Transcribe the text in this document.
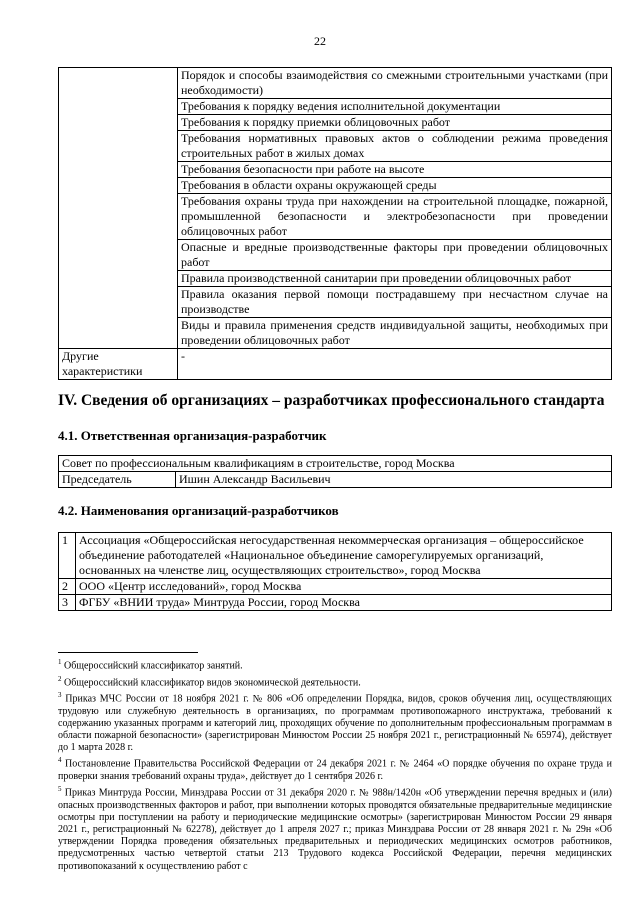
22
	Порядок и способы взаимодействия со смежными строительными участками (при необходимости)
	Требования к порядку ведения исполнительной документации
	Требования к порядку приемки облицовочных работ
	Требования нормативных правовых актов о соблюдении режима проведения строительных работ в жилых домах
	Требования безопасности при работе на высоте
	Требования в области охраны окружающей среды
	Требования охраны труда при нахождении на строительной площадке, пожарной, промышленной безопасности и электробезопасности при проведении облицовочных работ
	Опасные и вредные производственные факторы при проведении облицовочных работ
	Правила производственной санитарии при проведении облицовочных работ
	Правила оказания первой помощи пострадавшему при несчастном случае на производстве
	Виды и правила применения средств индивидуальной защиты, необходимых при проведении облицовочных работ
Другие характеристики	-
IV. Сведения об организациях – разработчиках профессионального стандарта
4.1. Ответственная организация-разработчик
Совет по профессиональным квалификациям в строительстве, город Москва
Председатель	Ишин Александр Васильевич
4.2. Наименования организаций-разработчиков
1	Ассоциация «Общероссийская негосударственная некоммерческая организация – общероссийское объединение работодателей «Национальное объединение саморегулируемых организаций, основанных на членстве лиц, осуществляющих строительство», город Москва
2	ООО «Центр исследований», город Москва
3	ФГБУ «ВНИИ труда» Минтруда России, город Москва

$^1$ Общероссийский классификатор занятий.

$^2$ Общероссийский классификатор видов экономической деятельности.

$^3$ Приказ МЧС России от 18 ноября 2021 г. № 806 «Об определении Порядка, видов, сроков обучения лиц, осуществляющих трудовую или служебную деятельность в организациях, по программам противопожарного инструктажа, требований к содержанию указанных программ и категорий лиц, проходящих обучение по дополнительным профессиональным программам в области пожарной безопасности» (зарегистрирован Минюстом России 25 ноября 2021 г., регистрационный № 65974), действует до 1 марта 2028 г.

$^4$ Постановление Правительства Российской Федерации от 24 декабря 2021 г. № 2464 «О порядке обучения по охране труда и проверки знания требований охраны труда», действует до 1 сентября 2026 г.

$^5$ Приказ Минтруда России, Минздрава России от 31 декабря 2020 г. № 988н/1420н «Об утверждении перечня вредных и (или) опасных производственных факторов и работ, при выполнении которых проводятся обязательные предварительные медицинские осмотры при поступлении на работу и периодические медицинские осмотры» (зарегистрирован Минюстом России 29 января 2021 г., регистрационный № 62278), действует до 1 апреля 2027 г.; приказ Минздрава России от 28 января 2021 г. № 29н «Об утверждении Порядка проведения обязательных предварительных и периодических медицинских осмотров работников, предусмотренных частью четвертой статьи 213 Трудового кодекса Российской Федерации, перечня медицинских противопоказаний к осуществлению работ с
